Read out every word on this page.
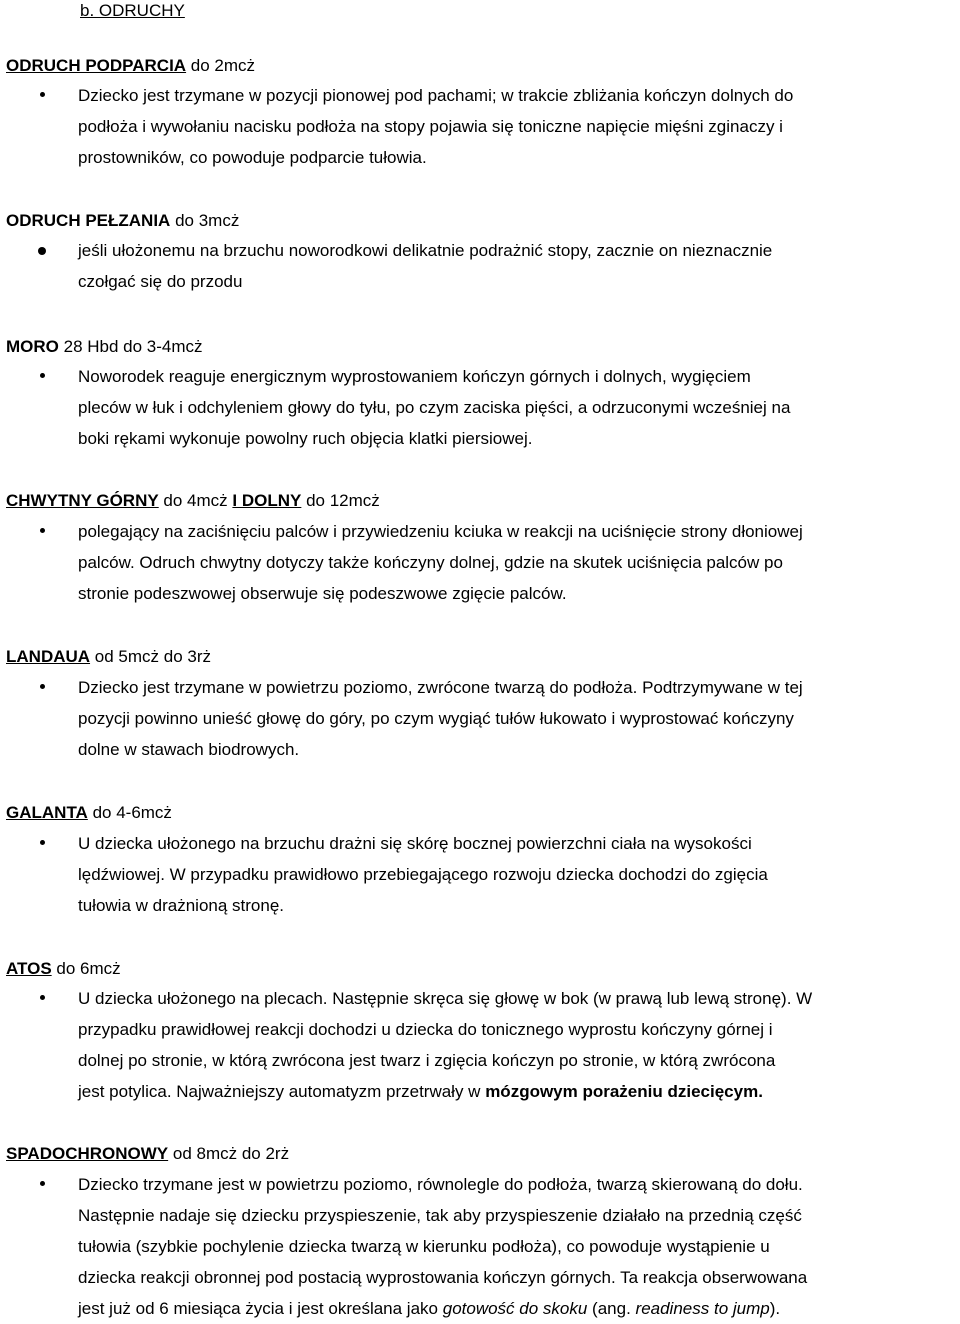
b. ODRUCHY
ODRUCH PODPARCIA do 2mcż
Dziecko jest trzymane w pozycji pionowej pod pachami; w trakcie zbliżania kończyn dolnych do
podłoża i wywołaniu nacisku podłoża na stopy pojawia się toniczne napięcie mięśni zginaczy i
prostowników, co powoduje podparcie tułowia.
ODRUCH PEŁZANIA do 3mcż
jeśli ułożonemu na brzuchu noworodkowi delikatnie podrażnić stopy, zacznie on nieznacznie
czołgać się do przodu
MORO 28 Hbd do 3-4mcż
Noworodek reaguje energicznym wyprostowaniem kończyn górnych i dolnych, wygięciem
pleców w łuk i odchyleniem głowy do tyłu, po czym zaciska pięści, a odrzuconymi wcześniej na
boki rękami wykonuje powolny ruch objęcia klatki piersiowej.
CHWYTNY GÓRNY do 4mcż I DOLNY do 12mcż
polegający na zaciśnięciu palców i przywiedzeniu kciuka w reakcji na uciśnięcie strony dłoniowej
palców. Odruch chwytny dotyczy także kończyny dolnej, gdzie na skutek uciśnięcia palców po
stronie podeszwowej obserwuje się podeszwowe zgięcie palców.
LANDAUA od 5mcż do 3rż
Dziecko jest trzymane w powietrzu poziomo, zwrócone twarzą do podłoża. Podtrzymywane w tej
pozycji powinno unieść głowę do góry, po czym wygiąć tułów łukowato i wyprostować kończyny
dolne w stawach biodrowych.
GALANTA do 4-6mcż
U dziecka ułożonego na brzuchu drażni się skórę bocznej powierzchni ciała na wysokości
lędźwiowej. W przypadku prawidłowo przebiegającego rozwoju dziecka dochodzi do zgięcia
tułowia w drażnioną stronę.
ATOS do 6mcż
U dziecka ułożonego na plecach. Następnie skręca się głowę w bok (w prawą lub lewą stronę). W
przypadku prawidłowej reakcji dochodzi u dziecka do tonicznego wyprostu kończyny górnej i
dolnej po stronie, w którą zwrócona jest twarz i zgięcia kończyn po stronie, w którą zwrócona
jest potylica. Najważniejszy automatyzm przetrwały w mózgowym porażeniu dziecięcym.
SPADOCHRONOWY od 8mcż do 2rż
Dziecko trzymane jest w powietrzu poziomo, równolegle do podłoża, twarzą skierowaną do dołu.
Następnie nadaje się dziecku przyspieszenie, tak aby przyspieszenie działało na przednią część
tułowia (szybkie pochylenie dziecka twarzą w kierunku podłoża), co powoduje wystąpienie u
dziecka reakcji obronnej pod postacią wyprostowania kończyn górnych. Ta reakcja obserwowana
jest już od 6 miesiąca życia i jest określana jako gotowość do skoku (ang. readiness to jump).
